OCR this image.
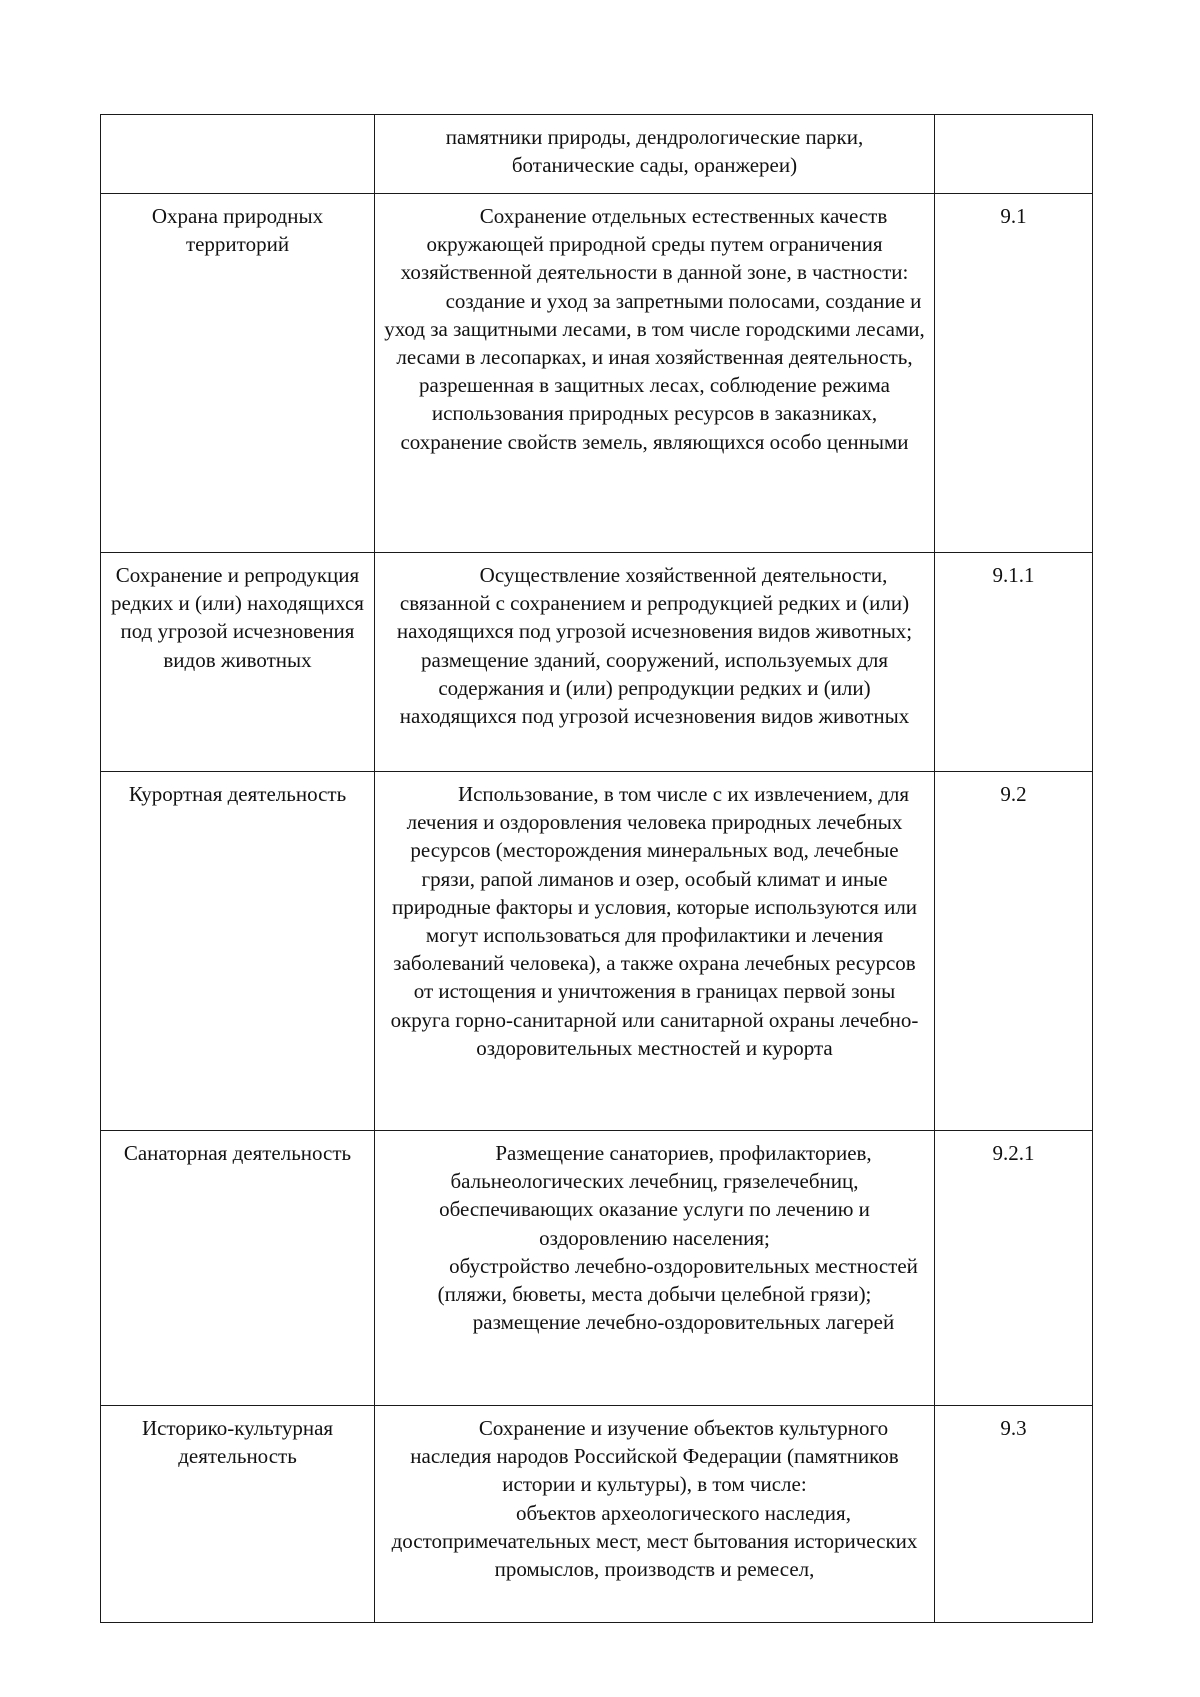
	памятники природы, дендрологические парки, ботанические сады, оранжереи)	

Охрана природных территорий	Сохранение отдельных естественных качеств окружающей природной среды путем ограничения хозяйственной деятельности в данной зоне, в частности:
создание и уход за запретными полосами, создание и уход за защитными лесами, в том числе городскими лесами, лесами в лесопарках, и иная хозяйственная деятельность, разрешенная в защитных лесах, соблюдение режима использования природных ресурсов в заказниках, сохранение свойств земель, являющихся особо ценными	9.1
Сохранение и репродукция редких и (или) находящихся под угрозой исчезновения видов животных	Осуществление хозяйственной деятельности, связанной с сохранением и репродукцией редких и (или) находящихся под угрозой исчезновения видов животных; размещение зданий, сооружений, используемых для содержания и (или) репродукции редких и (или) находящихся под угрозой исчезновения видов животных	9.1.1
Курортная деятельность	Использование, в том числе с их извлечением, для лечения и оздоровления человека природных лечебных ресурсов (месторождения минеральных вод, лечебные грязи, рапой лиманов и озер, особый климат и иные природные факторы и условия, которые используются или могут использоваться для профилактики и лечения заболеваний человека), а также охрана лечебных ресурсов от истощения и уничтожения в границах первой зоны округа горно-санитарной или санитарной охраны лечебно-оздоровительных местностей и курорта	9.2
Санаторная деятельность	Размещение санаториев, профилакториев, бальнеологических лечебниц, грязелечебниц, обеспечивающих оказание услуги по лечению и оздоровлению населения;
обустройство лечебно-оздоровительных местностей (пляжи, бюветы, места добычи целебной грязи);
размещение лечебно-оздоровительных лагерей	9.2.1
Историко-культурная деятельность	Сохранение и изучение объектов культурного наследия народов Российской Федерации (памятников истории и культуры), в том числе:
объектов археологического наследия, достопримечательных мест, мест бытования исторических промыслов, производств и ремесел,	9.3
